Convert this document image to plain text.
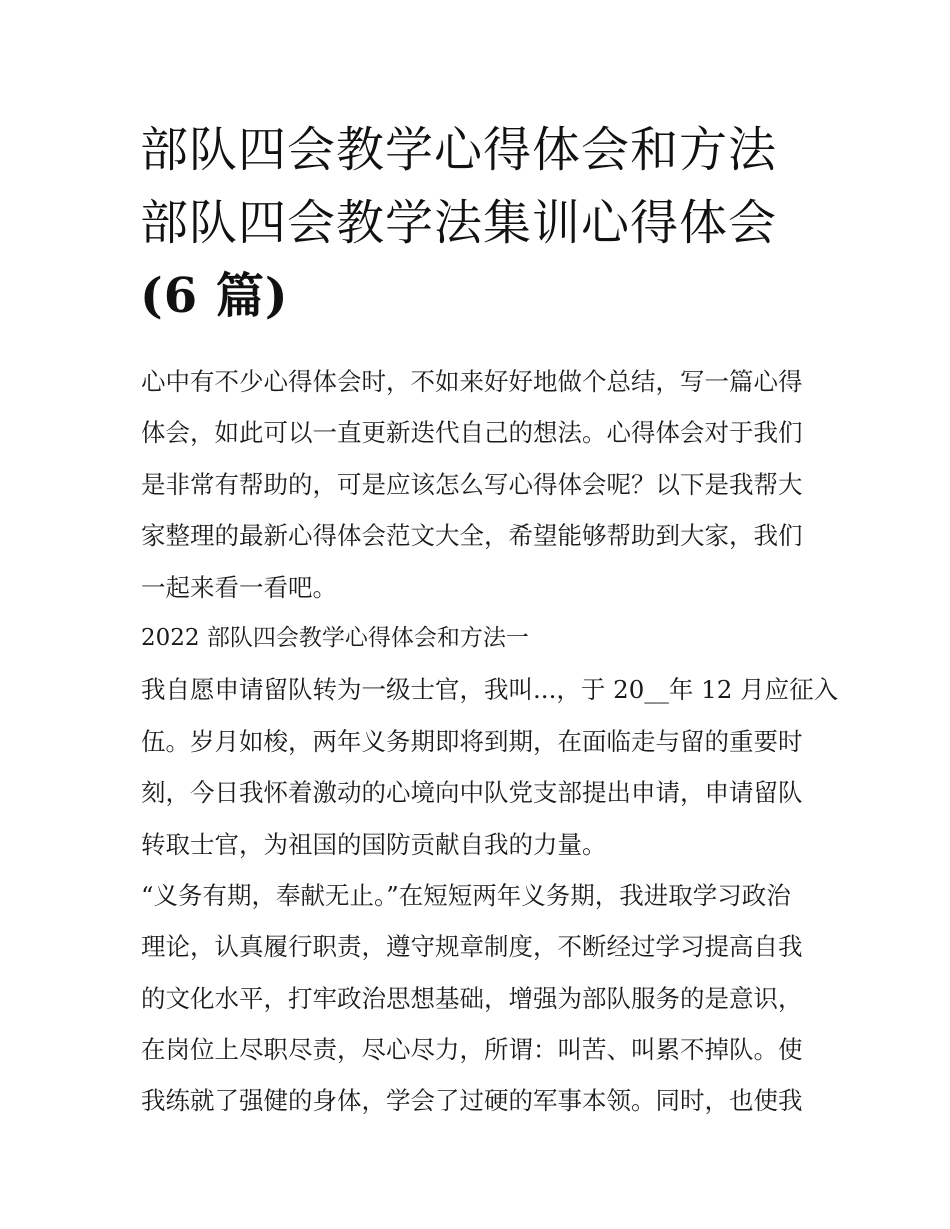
部队四会教学心得体会和方法
部队四会教学法集训心得体会
(6 篇)
心中有不少心得体会时，不如来好好地做个总结，写一篇心得
体会，如此可以一直更新迭代自己的想法。心得体会对于我们
是非常有帮助的，可是应该怎么写心得体会呢？以下是我帮大
家整理的最新心得体会范文大全，希望能够帮助到大家，我们
一起来看一看吧。
2022 部队四会教学心得体会和方法一
我自愿申请留队转为一级士官，我叫...，于 20__年 12 月应征入
伍。岁月如梭，两年义务期即将到期，在面临走与留的重要时
刻，今日我怀着激动的心境向中队党支部提出申请，申请留队
转取士官，为祖国的国防贡献自我的力量。
“义务有期，奉献无止。”在短短两年义务期，我进取学习政治
理论，认真履行职责，遵守规章制度，不断经过学习提高自我
的文化水平，打牢政治思想基础，增强为部队服务的是意识，
在岗位上尽职尽责，尽心尽力，所谓：叫苦、叫累不掉队。使
我练就了强健的身体，学会了过硬的军事本领。同时，也使我
